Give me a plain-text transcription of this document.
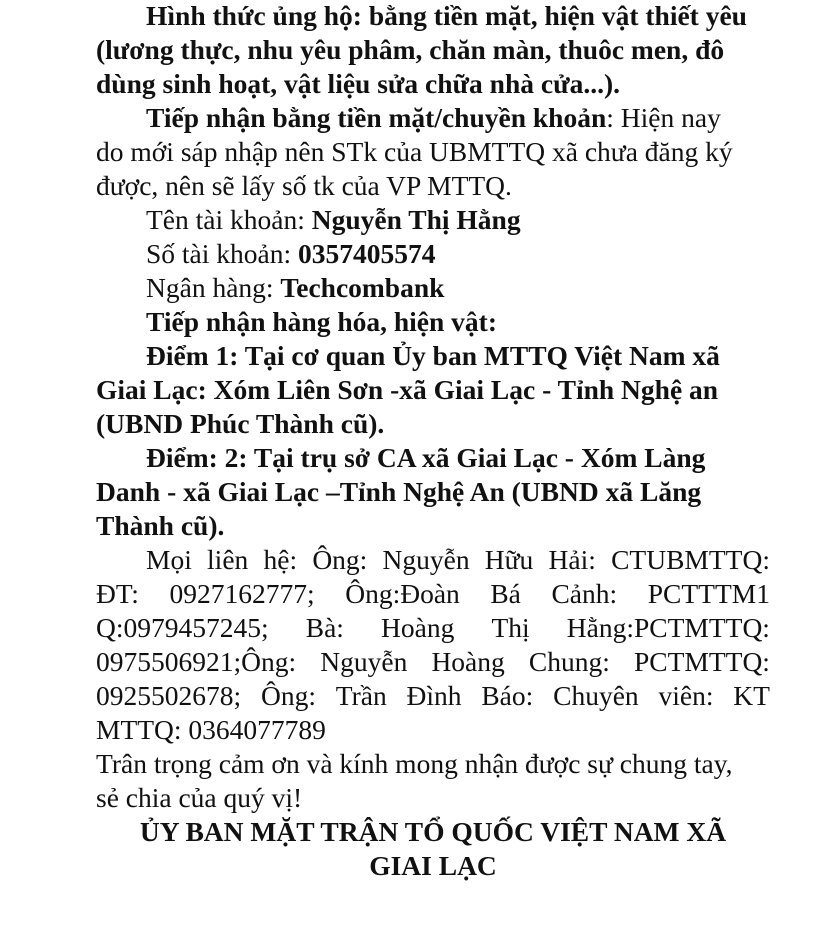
Hình thức ủng hộ: bằng tiền mặt, hiện vật thiết yêu
(lương thực, nhu yêu phâm, chăn màn, thuôc men, đô
dùng sinh hoạt, vật liệu sửa chữa nhà cửa...).
Tiếp nhận bằng tiền mặt/chuyền khoản: Hiện nay
do mới sáp nhập nên STk của UBMTTQ xã chưa đăng ký
được, nên sẽ lấy số tk của VP MTTQ.
Tên tài khoản: Nguyễn Thị Hằng
Số tài khoản: 0357405574
Ngân hàng: Techcombank
Tiếp nhận hàng hóa, hiện vật:
Điểm 1: Tại cơ quan Ủy ban MTTQ Việt Nam xã
Giai Lạc: Xóm Liên Sơn -xã Giai Lạc - Tỉnh Nghệ an
(UBND Phúc Thành cũ).
Điểm: 2: Tại trụ sở CA xã Giai Lạc - Xóm Làng
Danh - xã Giai Lạc –Tỉnh Nghệ An (UBND xã Lăng
Thành cũ).
Mọi liên hệ: Ông: Nguyễn Hữu Hải: CTUBMTTQ:
ĐT: 0927162777; Ông:Đoàn Bá Cảnh: PCTTTM1
Q:0979457245; Bà: Hoàng Thị Hằng:PCTMTTQ:
0975506921;Ông: Nguyễn Hoàng Chung: PCTMTTQ:
0925502678; Ông: Trần Đình Báo: Chuyên viên: KT
MTTQ: 0364077789
Trân trọng cảm ơn và kính mong nhận được sự chung tay,
sẻ chia của quý vị!
ỦY BAN MẶT TRẬN TỔ QUỐC VIỆT NAM XÃ
GIAI LẠC
